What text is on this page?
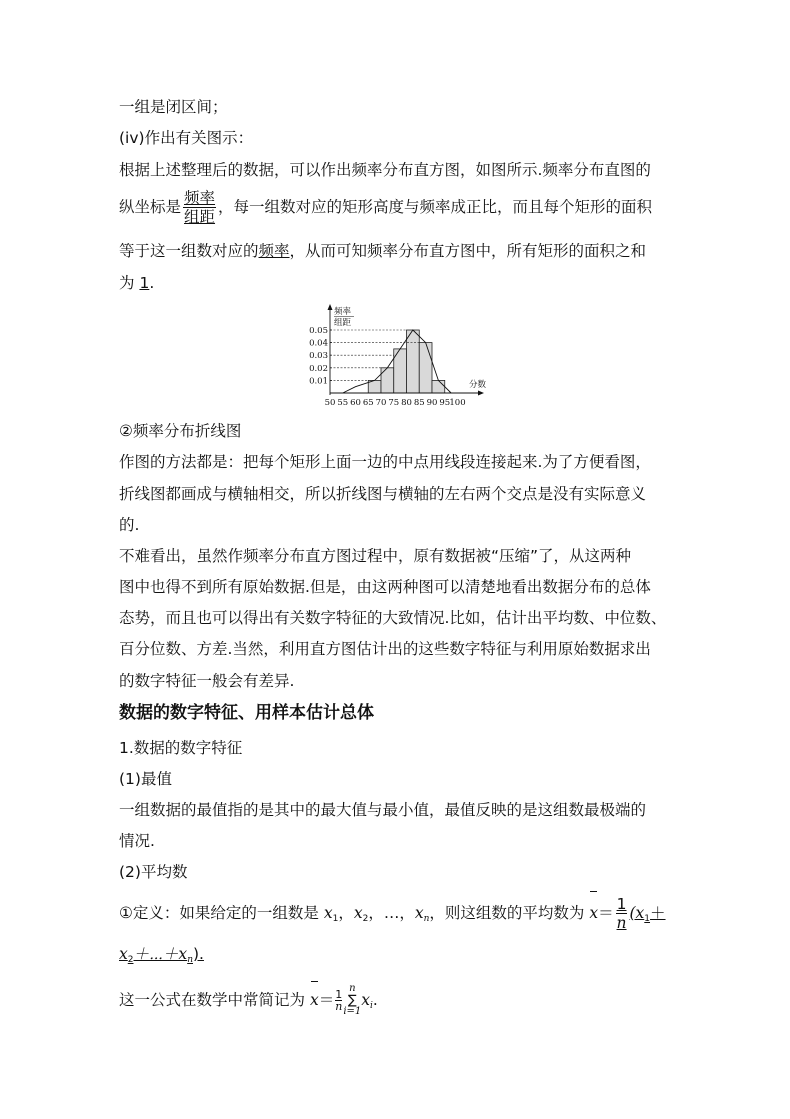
一组是闭区间；
(iv)作出有关图示：
根据上述整理后的数据，可以作出频率分布直方图，如图所示.频率分布直图的
纵坐标是 $\frac{\text{频率}}{\text{组距}}$ ，每一组数对应的矩形高度与频率成正比，而且每个矩形的面积
等于这一组数对应的频率，从而可知频率分布直方图中，所有矩形的面积之和
为 1.
0.01
0.02
0.03
0.04
0.05
50 55 60 65 70 75 80 85 90 95 100
频率
组距
分数
②频率分布折线图
作图的方法都是：把每个矩形上面一边的中点用线段连接起来.为了方便看图，
折线图都画成与横轴相交，所以折线图与横轴的左右两个交点是没有实际意义
的.
不难看出，虽然作频率分布直方图过程中，原有数据被“压缩”了，从这两种
图中也得不到所有原始数据.但是，由这两种图可以清楚地看出数据分布的总体
态势，而且也可以得出有关数字特征的大致情况.比如，估计出平均数、中位数、
百分位数、方差.当然，利用直方图估计出的这些数字特征与利用原始数据求出
的数字特征一般会有差异.
数据的数字特征、用样本估计总体
1.数据的数字特征
(1)最值
一组数据的最值指的是其中的最大值与最小值，最值反映的是这组数最极端的
情况.
(2)平均数
①定义：如果给定的一组数是 $x_1$，$x_2$，…，$x_n$，则这组数的平均数为 $x= \frac{1}{n} (x_1+$
$x_2+\cdots+x_n$).
这一公式在数学中常简记为 $x= \frac{1}{n}$
n
∑
i=1
$x_i$.
